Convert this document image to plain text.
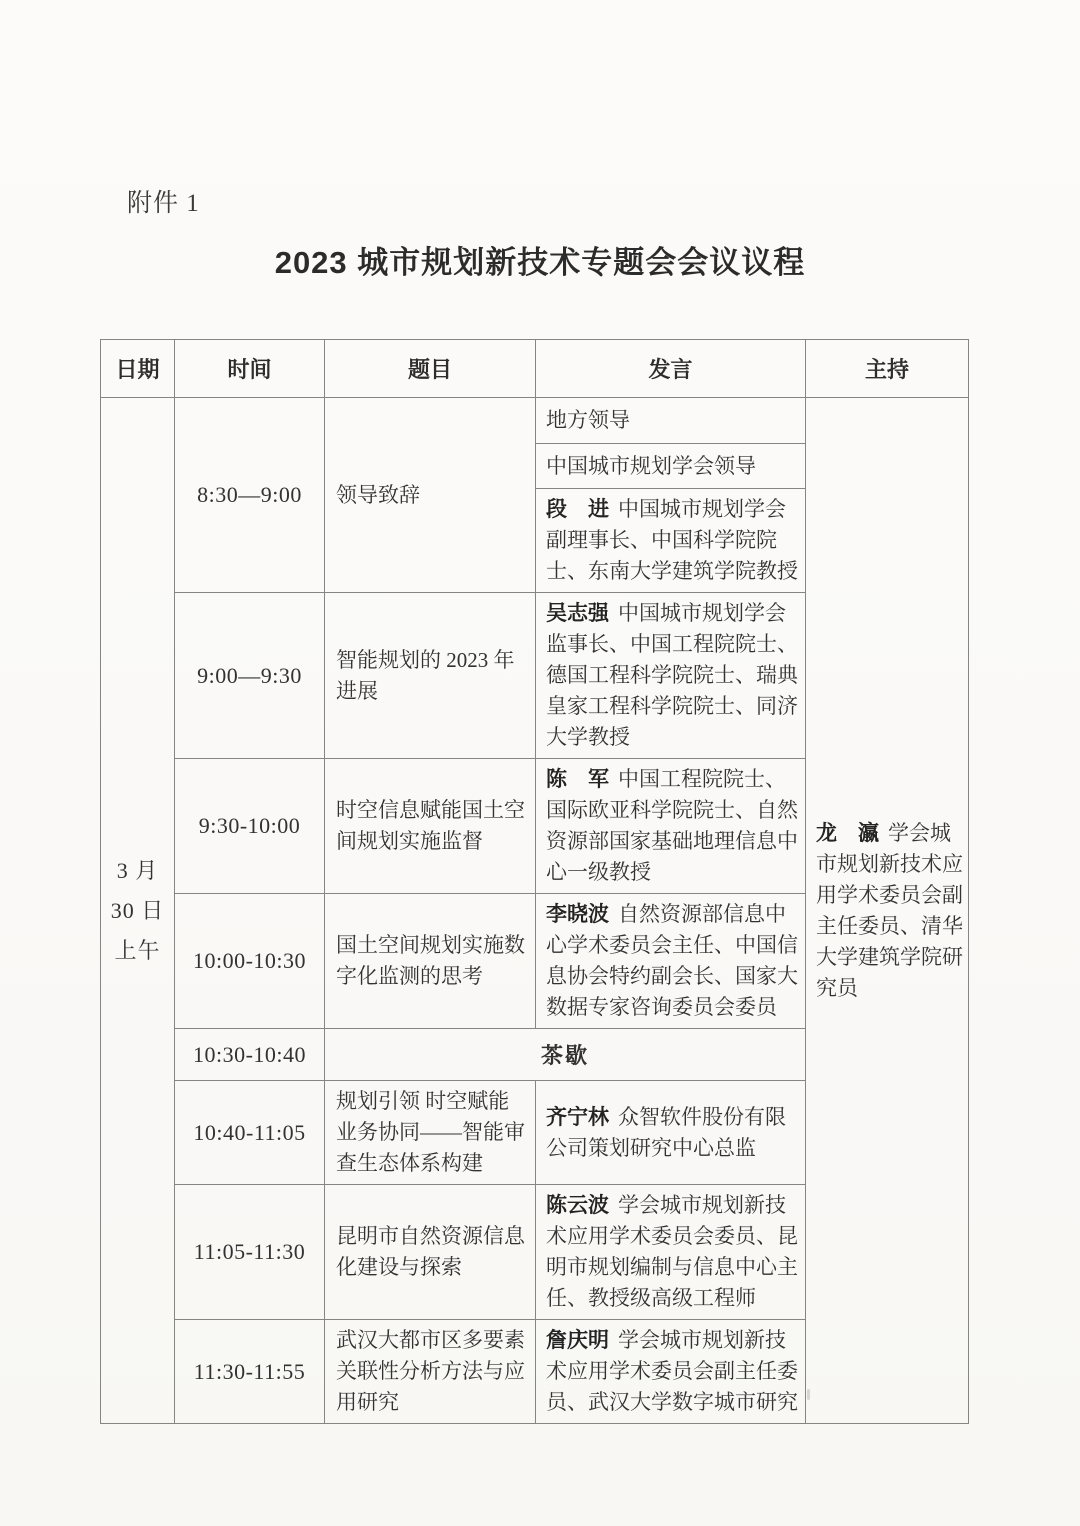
附件 1
2023 城市规划新技术专题会会议议程
日期	时间	题目	发言	主持

3 月
30 日
上午	8:30—9:00	领导致辞	地方领导	龙　瀛 学会城市规划新技术应用学术委员会副主任委员、清华大学建筑学院研究员
			中国城市规划学会领导	
			段　进 中国城市规划学会副理事长、中国科学院院士、东南大学建筑学院教授	
	9:00—9:30	智能规划的 2023 年进展	吴志强 中国城市规划学会监事长、中国工程院院士、德国工程科学院院士、瑞典皇家工程科学院院士、同济大学教授	
	9:30-10:00	时空信息赋能国土空间规划实施监督	陈　军 中国工程院院士、国际欧亚科学院院士、自然资源部国家基础地理信息中心一级教授	
	10:00-10:30	国土空间规划实施数字化监测的思考	李晓波 自然资源部信息中心学术委员会主任、中国信息协会特约副会长、国家大数据专家咨询委员会委员	
	10:30-10:40	茶歇		
	10:40-11:05	规划引领 时空赋能业务协同——智能审查生态体系构建	齐宁林 众智软件股份有限公司策划研究中心总监	
	11:05-11:30	昆明市自然资源信息化建设与探索	陈云波 学会城市规划新技术应用学术委员会委员、昆明市规划编制与信息中心主任、教授级高级工程师	
	11:30-11:55	武汉大都市区多要素关联性分析方法与应用研究	詹庆明 学会城市规划新技术应用学术委员会副主任委员、武汉大学数字城市研究	
